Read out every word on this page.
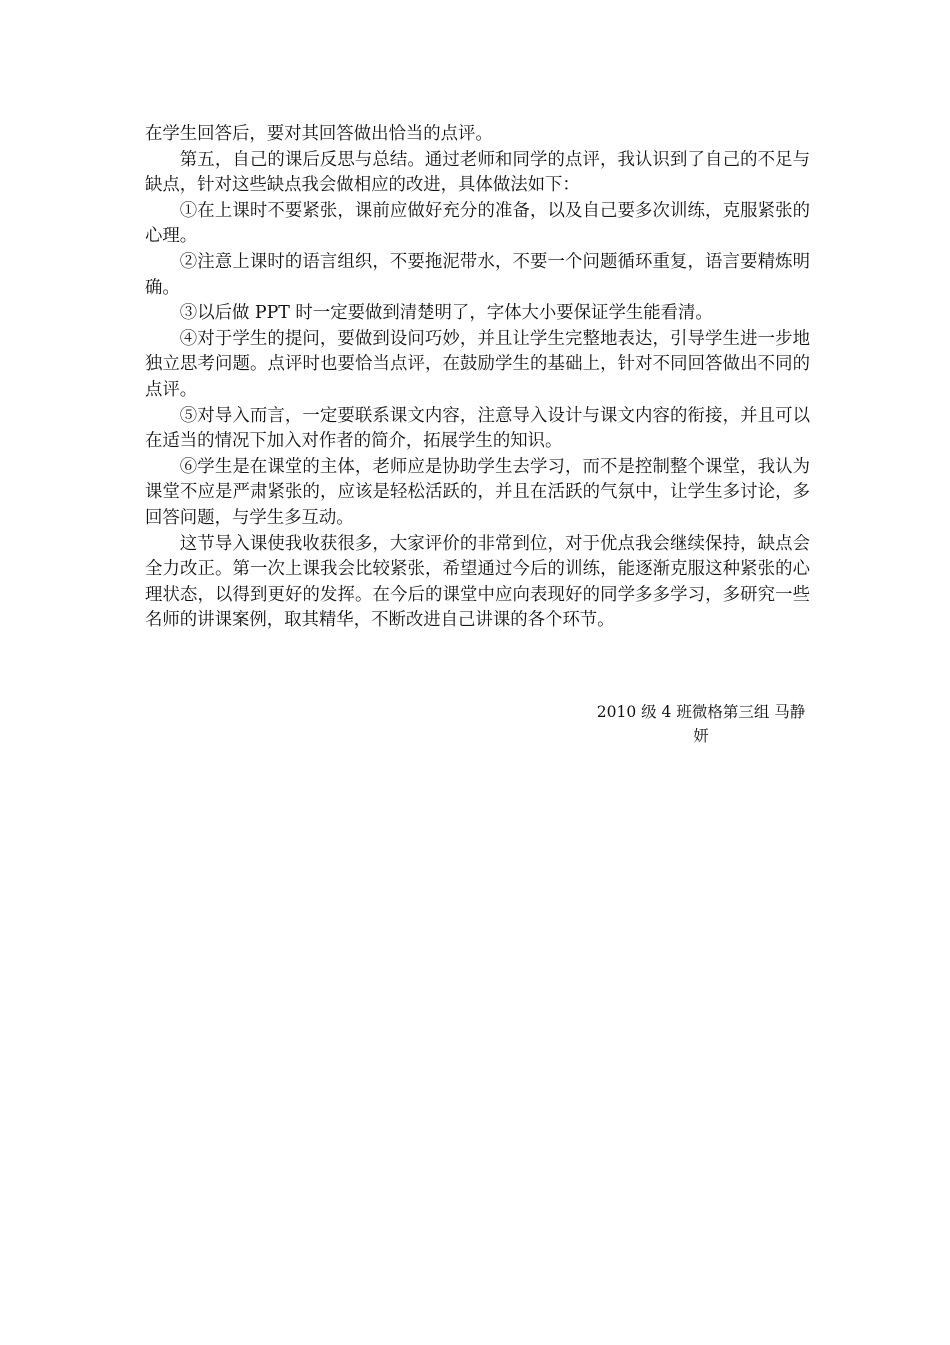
在学生回答后，要对其回答做出恰当的点评。

第五，自己的课后反思与总结。通过老师和同学的点评，我认识到了自己的不足与缺点，针对这些缺点我会做相应的改进，具体做法如下：

①在上课时不要紧张，课前应做好充分的准备，以及自己要多次训练，克服紧张的心理。

②注意上课时的语言组织，不要拖泥带水，不要一个问题循环重复，语言要精炼明确。

③以后做 PPT 时一定要做到清楚明了，字体大小要保证学生能看清。

④对于学生的提问，要做到设问巧妙，并且让学生完整地表达，引导学生进一步地独立思考问题。点评时也要恰当点评，在鼓励学生的基础上，针对不同回答做出不同的点评。

⑤对导入而言，一定要联系课文内容，注意导入设计与课文内容的衔接，并且可以在适当的情况下加入对作者的简介，拓展学生的知识。

⑥学生是在课堂的主体，老师应是协助学生去学习，而不是控制整个课堂，我认为课堂不应是严肃紧张的，应该是轻松活跃的，并且在活跃的气氛中，让学生多讨论，多回答问题，与学生多互动。

这节导入课使我收获很多，大家评价的非常到位，对于优点我会继续保持，缺点会全力改正。第一次上课我会比较紧张，希望通过今后的训练，能逐渐克服这种紧张的心理状态，以得到更好的发挥。在今后的课堂中应向表现好的同学多多学习，多研究一些名师的讲课案例，取其精华，不断改进自己讲课的各个环节。

2010 级 4 班微格第三组 马静
妍
